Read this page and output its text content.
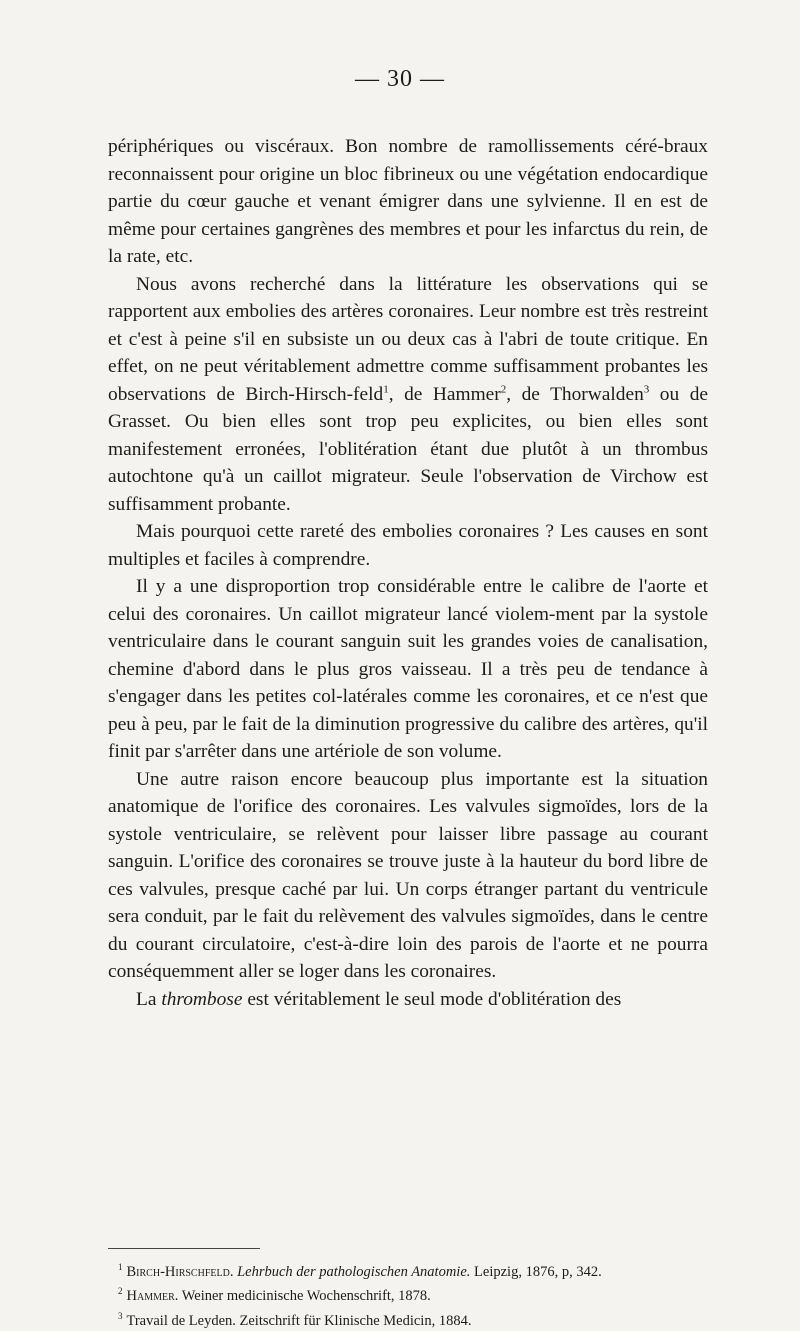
— 30 —

périphériques ou viscéraux. Bon nombre de ramollissements céré-braux reconnaissent pour origine un bloc fibrineux ou une végétation endocardique partie du cœur gauche et venant émigrer dans une sylvienne. Il en est de même pour certaines gangrènes des membres et pour les infarctus du rein, de la rate, etc.

Nous avons recherché dans la littérature les observations qui se rapportent aux embolies des artères coronaires. Leur nombre est très restreint et c'est à peine s'il en subsiste un ou deux cas à l'abri de toute critique. En effet, on ne peut véritablement admettre comme suffisamment probantes les observations de Birch-Hirsch-feld$^1$, de Hammer$^2$, de Thorwalden$^3$ ou de Grasset. Ou bien elles sont trop peu explicites, ou bien elles sont manifestement erronées, l'oblitération étant due plutôt à un thrombus autochtone qu'à un caillot migrateur. Seule l'observation de Virchow est suffisamment probante.

Mais pourquoi cette rareté des embolies coronaires ? Les causes en sont multiples et faciles à comprendre.

Il y a une disproportion trop considérable entre le calibre de l'aorte et celui des coronaires. Un caillot migrateur lancé violem-ment par la systole ventriculaire dans le courant sanguin suit les grandes voies de canalisation, chemine d'abord dans le plus gros vaisseau. Il a très peu de tendance à s'engager dans les petites col-latérales comme les coronaires, et ce n'est que peu à peu, par le fait de la diminution progressive du calibre des artères, qu'il finit par s'arrêter dans une artériole de son volume.

Une autre raison encore beaucoup plus importante est la situation anatomique de l'orifice des coronaires. Les valvules sigmoïdes, lors de la systole ventriculaire, se relèvent pour laisser libre passage au courant sanguin. L'orifice des coronaires se trouve juste à la hauteur du bord libre de ces valvules, presque caché par lui. Un corps étranger partant du ventricule sera conduit, par le fait du relèvement des valvules sigmoïdes, dans le centre du courant circulatoire, c'est-à-dire loin des parois de l'aorte et ne pourra conséquemment aller se loger dans les coronaires.

La thrombose est véritablement le seul mode d'oblitération des

$^1$ Birch-Hirschfeld. Lehrbuch der pathologischen Anatomie. Leipzig, 1876, p, 342.
$^2$ Hammer. Weiner medicinische Wochenschrift, 1878.
$^3$ Travail de Leyden. Zeitschrift für Klinische Medicin, 1884.
